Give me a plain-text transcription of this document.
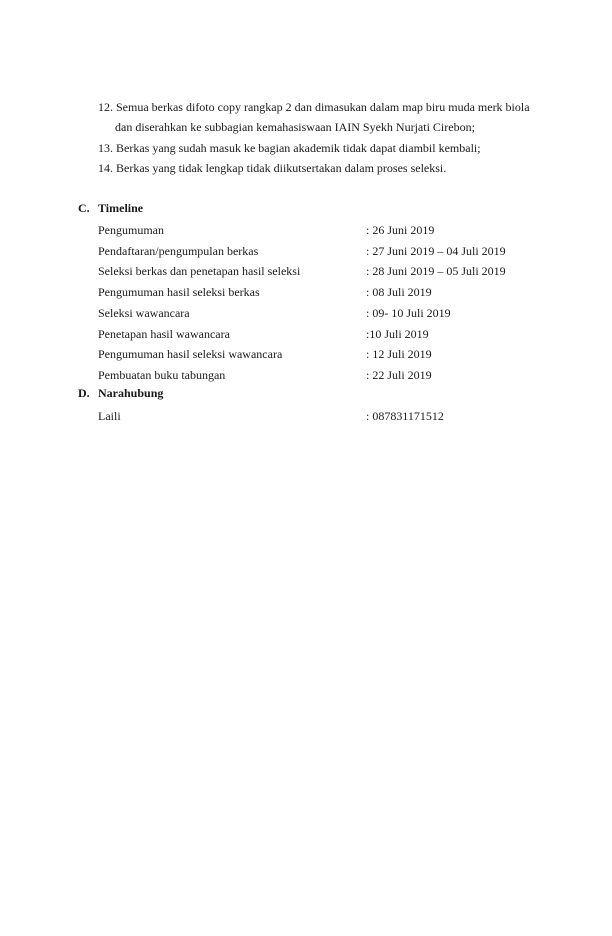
12. Semua berkas difoto copy rangkap 2 dan dimasukan dalam map biru muda merk biola
dan diserahkan ke subbagian kemahasiswaan IAIN Syekh Nurjati Cirebon;
13. Berkas yang sudah masuk ke bagian akademik tidak dapat diambil kembali;
14. Berkas yang tidak lengkap tidak diikutsertakan dalam proses seleksi.
C. Timeline
Pengumuman	: 26 Juni 2019
Pendaftaran/pengumpulan berkas	: 27 Juni 2019 – 04 Juli 2019
Seleksi berkas dan penetapan hasil seleksi	: 28 Juni 2019 – 05 Juli 2019
Pengumuman hasil seleksi berkas	: 08 Juli 2019
Seleksi wawancara	: 09- 10 Juli 2019
Penetapan hasil wawancara	:10 Juli 2019
Pengumuman hasil seleksi wawancara	: 12 Juli 2019
Pembuatan buku tabungan	: 22 Juli 2019
D. Narahubung
Laili	: 087831171512
